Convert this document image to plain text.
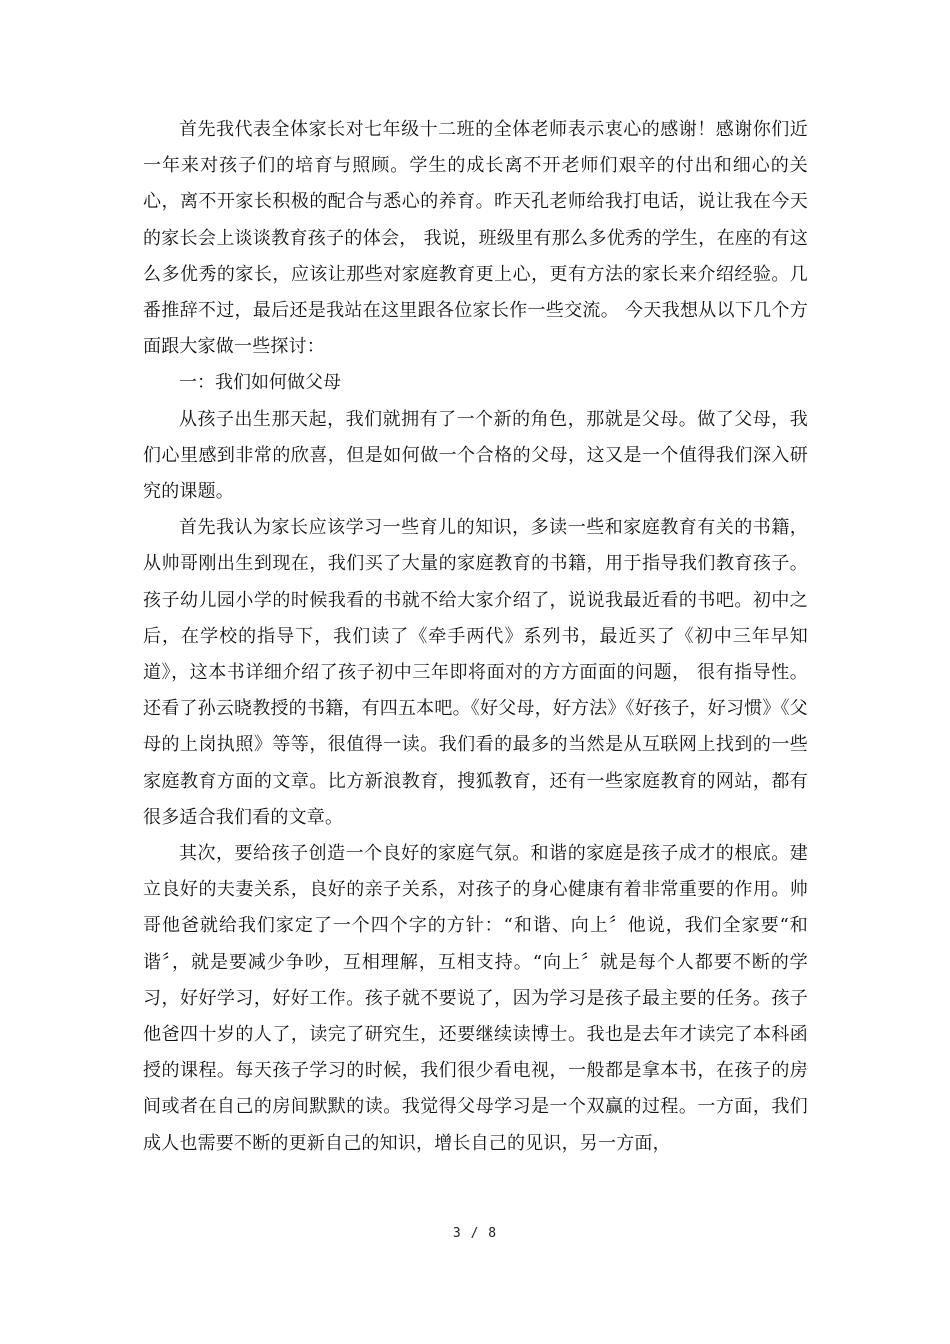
首先我代表全体家长对七年级十二班的全体老师表示衷心的感谢！感谢你们近一年来对孩子们的培育与照顾。学生的成长离不开老师们艰辛的付出和细心的关心，离不开家长积极的配合与悉心的养育。昨天孔老师给我打电话，说让我在今天的家长会上谈谈教育孩子的体会， 我说，班级里有那么多优秀的学生，在座的有这么多优秀的家长，应该让那些对家庭教育更上心，更有方法的家长来介绍经验。几番推辞不过，最后还是我站在这里跟各位家长作一些交流。 今天我想从以下几个方面跟大家做一些探讨：

一：我们如何做父母

从孩子出生那天起，我们就拥有了一个新的角色，那就是父母。做了父母，我们心里感到非常的欣喜，但是如何做一个合格的父母，这又是一个值得我们深入研究的课题。

首先我认为家长应该学习一些育儿的知识，多读一些和家庭教育有关的书籍，从帅哥刚出生到现在，我们买了大量的家庭教育的书籍，用于指导我们教育孩子。孩子幼儿园小学的时候我看的书就不给大家介绍了，说说我最近看的书吧。初中之后，在学校的指导下，我们读了《牵手两代》系列书，最近买了《初中三年早知道》，这本书详细介绍了孩子初中三年即将面对的方方面面的问题， 很有指导性。还看了孙云晓教授的书籍，有四五本吧。《好父母，好方法》《好孩子，好习惯》《父母的上岗执照》等等，很值得一读。我们看的最多的当然是从互联网上找到的一些家庭教育方面的文章。比方新浪教育，搜狐教育，还有一些家庭教育的网站，都有很多适合我们看的文章。

其次，要给孩子创造一个良好的家庭气氛。和谐的家庭是孩子成才的根底。建立良好的夫妻关系，良好的亲子关系，对孩子的身心健康有着非常重要的作用。帅哥他爸就给我们家定了一个四个字的方针：“和谐、向上〞他说，我们全家要“和谐〞，就是要减少争吵，互相理解，互相支持。“向上〞就是每个人都要不断的学习，好好学习，好好工作。孩子就不要说了，因为学习是孩子最主要的任务。孩子他爸四十岁的人了，读完了研究生，还要继续读博士。我也是去年才读完了本科函授的课程。每天孩子学习的时候，我们很少看电视，一般都是拿本书，在孩子的房间或者在自己的房间默默的读。我觉得父母学习是一个双赢的过程。一方面，我们成人也需要不断的更新自己的知识，增长自己的见识，另一方面，

3 / 8
